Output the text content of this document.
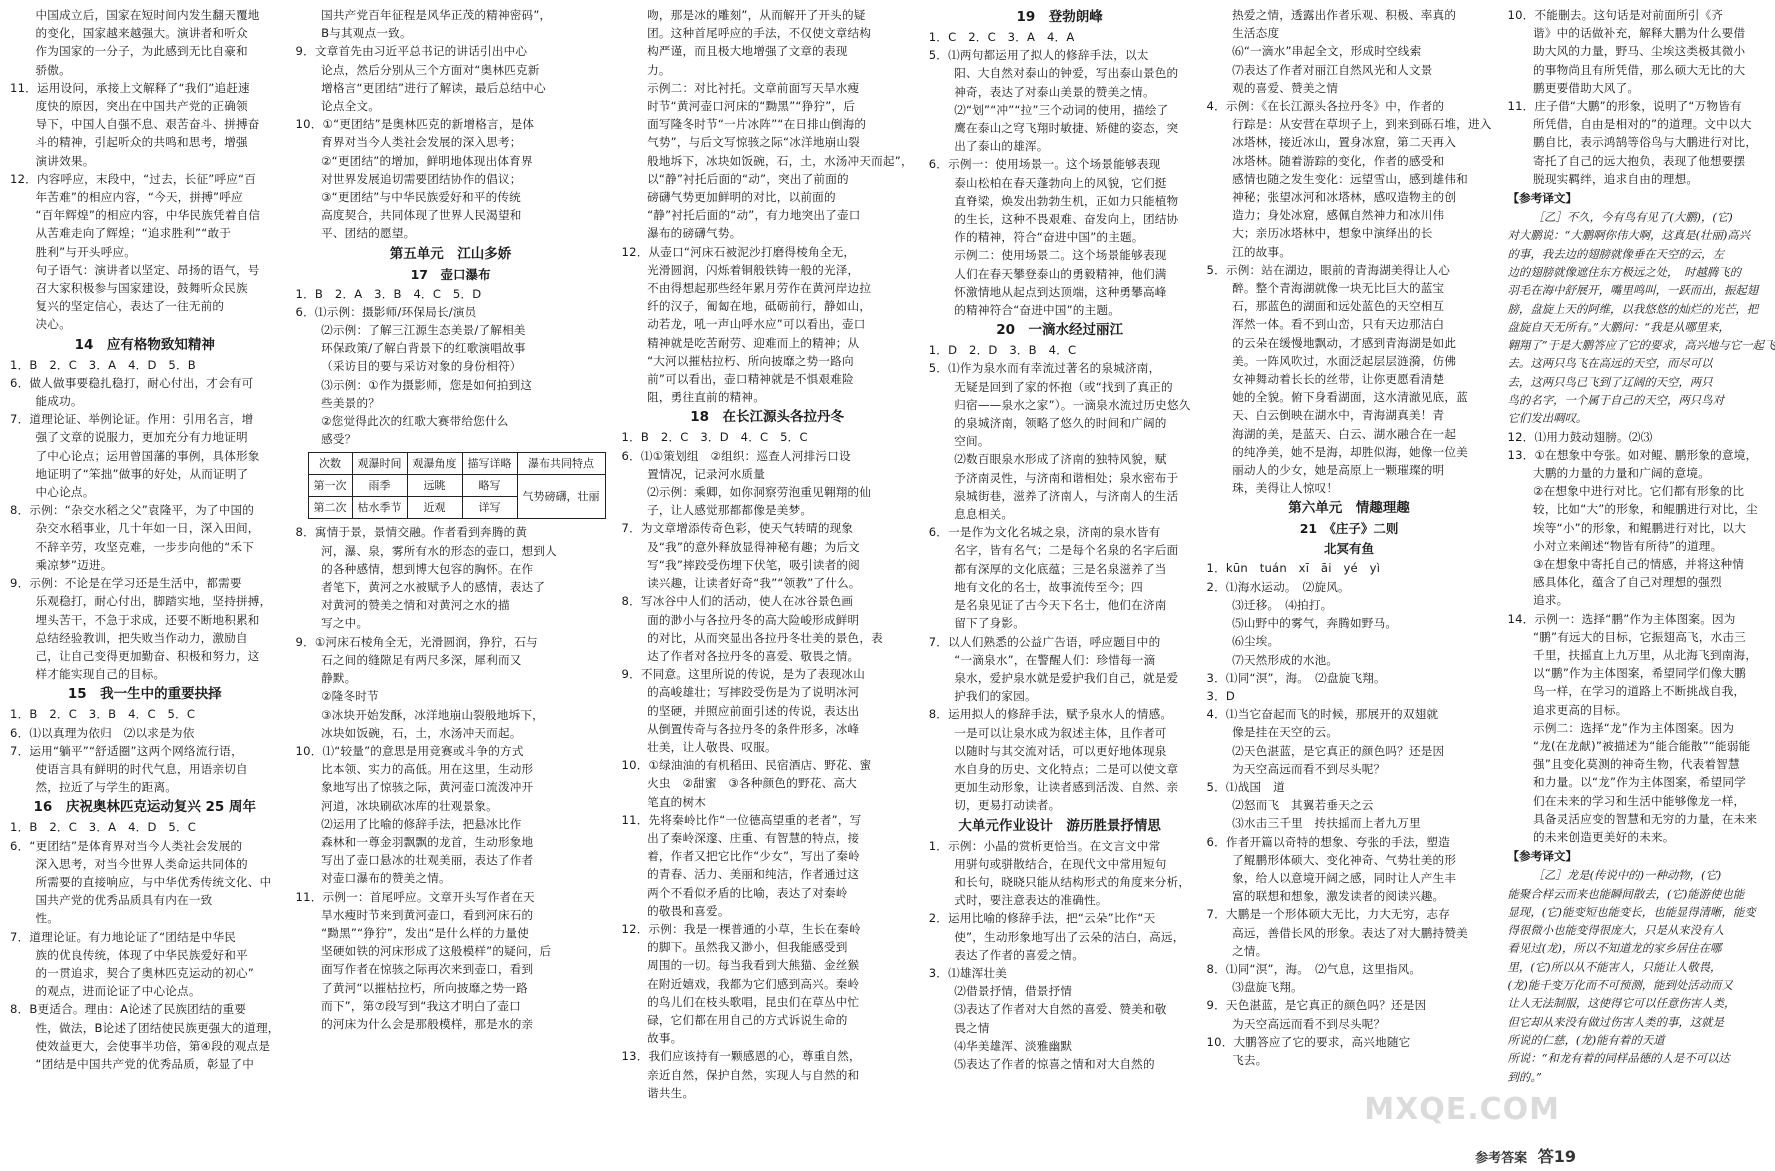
中国成立后，国家在短时间内发生翻天覆地
的变化，国家越来越强大。演讲者和听众
作为国家的一分子，为此感到无比自豪和
骄傲。
11．运用设问，承接上文解释了“我们”追赶速
度快的原因，突出在中国共产党的正确领
导下，中国人自强不息、艰苦奋斗、拼搏奋
斗的精神，引起听众的共鸣和思考，增强
演讲效果。
12．内容呼应，末段中，“过去，长征”呼应“百
年苦难”的相应内容，“今天，拼搏”呼应
“百年辉煌”的相应内容，中华民族凭着自信
从苦难走向了辉煌；“追求胜利”“敢于
胜利”与开头呼应。
句子语气：演讲者以坚定、昂扬的语气，号
召大家积极参与国家建设，鼓舞听众民族
复兴的坚定信心，表达了一往无前的
决心。
14　应有格物致知精神
1．B　2．C　3．A　4．D　5．B
6．做人做事要稳扎稳打，耐心付出，才会有可
能成功。
7．道理论证、举例论证。作用：引用名言，增
强了文章的说服力，更加充分有力地证明
了中心论点；运用曾国藩的事例，具体形象
地证明了“笨拙”做事的好处，从而证明了
中心论点。
8．示例：“杂交水稻之父”袁隆平，为了中国的
杂交水稻事业，几十年如一日，深入田间，
不辞辛劳，攻坚克难，一步步向他的“禾下
乘凉梦”迈进。
9．示例：不论是在学习还是生活中，都需要
乐观稳打，耐心付出，脚踏实地，坚持拼搏，
埋头苦干，不急于求成，还要不断地积累和
总结经验教训，把失败当作动力，激励自
己，让自己变得更加勤奋、积极和努力，这
样才能实现自己的目标。
15　我一生中的重要抉择
1．B　2．C　3．B　4．C　5．C
6．⑴以真理为依归　⑵以求是为依
7．运用“躺平”“舒适圈”这两个网络流行语，
使语言具有鲜明的时代气息，用语亲切自
然，拉近了与学生的距离。
16　庆祝奥林匹克运动复兴 25 周年
1．B　2．C　3．A　4．D　5．C
6．“更团结”是体育界对当今人类社会发展的
深入思考，对当今世界人类命运共同体的
所需要的直接响应，与中华优秀传统文化、中
国共产党的优秀品质具有内在一致
性。
7．道理论证。有力地论证了“团结是中华民
族的优良传统，体现了中华民族爱好和平
的一贯追求，契合了奥林匹克运动的初心”
的观点，进而论证了中心论点。
8．B更适合。理由：A论述了民族团结的重要
性，做法，B论述了团结使民族更强大的道理，
使效益更大，会使事半功倍，第④段的观点是
“团结是中国共产党的优秀品质，彰显了中
国共产党百年征程是风华正茂的精神密码”，
B与其观点一致。
9．文章首先由习近平总书记的讲话引出中心
论点，然后分别从三个方面对“奥林匹克新
增格言“更团结”进行了解读，最后总结中心
论点全文。
10．①“更团结”是奥林匹克的新增格言，是体
育界对当今人类社会发展的深入思考；
②“更团结”的增加，鲜明地体现出体育界
对世界发展追切需要团结协作的倡议；
③“更团结”与中华民族爱好和平的传统
高度契合，共同体现了世界人民渴望和
平、团结的愿望。
第五单元　江山多娇
17　壶口瀑布
1．B　2．A　3．B　4．C　5．D
6．⑴示例：摄影师/环保局长/演员
⑵示例：了解三江源生态美景/了解相美
环保政策/了解白背景下的红歌演唱故事
（采访目的要与采访对象的身份相符）
⑶示例：①作为摄影师，您是如何拍到这
些美景的？
②您觉得此次的红歌大赛带给您什么
感受？
次数	观瀑时间	观瀑角度	描写详略	瀑布共同特点
第一次	雨季	远眺	略写	气势磅礴，壮丽
第二次	枯水季节	近观	详写	
8．寓情于景，景情交融。作者看到奔腾的黄
河，瀑、泉，雾所有水的形态的壶口，想到人
的各种感情，想到博大包容的胸怀。在作
者笔下，黄河之水被赋予人的感情，表达了
对黄河的赞美之情和对黄河之水的描
写之中。
9．①河床石棱角全无，光滑圆润，狰狞，石与
石之间的缝隙足有两尺多深，犀利而又
静默。
②隆冬时节
③冰块开始发酥，冰洋地崩山裂般地坼下，
冰块如饭碗，石，土，水汤冲天而起。
10．⑴“较量”的意思是用竞赛或斗争的方式
比本领、实力的高低。用在这里，生动形
象地写出了惊骇之际，黄河壶口流泼冲开
河道，冰块刷砍冰库的壮观景象。
⑵运用了比喻的修辞手法，把悬冰比作
森林和一尊金羽飘飘的龙首，生动形象地
写出了壶口悬冰的壮观美丽，表达了作者
对壶口瀑布的赞美之情。
11．示例一：首尾呼应。文章开头写作者在天
旱水瘦时节来到黄河壶口，看到河床石的
“黝黑”“狰狞”，发出“是什么样的力量使
坚硬如铁的河床形成了这般模样”的疑问，后
面写作者在惊骇之际再次来到壶口，看到
了黄河“以摧枯拉朽，所向披靡之势一路
而下”，第⑦段写到“我这才明白了壶口
的河床为什么会是那般模样，那是水的亲
吻，那是冰的雕刻”，从而解开了开头的疑
团。这种首尾呼应的手法，不仅使文章结构
构严谨，而且极大地增强了文章的表现
力。
示例二：对比衬托。文章前面写天旱水瘦
时节“黄河壶口河床的“黝黑”“狰狞”，后
面写隆冬时节“一片冰阵”“在日排山倒海的
气势”，与后文写惊骇之际“冰洋地崩山裂
般地坼下，冰块如饭碗，石，土，水汤冲天而起”，
以“静”衬托后面的“动”，突出了前面的
磅礴气势更加鲜明的对比，以前面的
“静”衬托后面的“动”，有力地突出了壶口
瀑布的磅礴气势。
12．从壶口“河床石被泥沙打磨得棱角全无，
光滑圆润，闪烁着铜般铁铸一般的光泽，
不由得想起那些经年累月劳作在黄河岸边拉
纤的汉子，匍匐在地，砥砺前行，静如山，
动若龙，吼一声山呼水应”可以看出，壶口
精神就是吃苦耐劳、迎难而上的精神；从
“大河以摧枯拉朽、所向披靡之势一路向
前”可以看出，壶口精神就是不惧艰难险
阻，勇往直前的精神。
18　在长江源头各拉丹冬
1．B　2．C　3．D　4．C　5．C
6．⑴①策划组　②组织：巡查人河排污口设
置情况，记录河水质量
⑵示例：乘卿，如你洞察劳泡重见翱翔的仙
子，让人感觉那都都像是美梦。
7．为文章增添传奇色彩，使天气转晴的现象
及“我”的意外释放显得神秘有趣；为后文
写“我”摔跤受伤埋下伏笔，吸引读者的阅
读兴趣，让读者好奇“我”“领教”了什么。
8．写冰谷中人们的活动，使人在冰谷景色画
面的渺小与各拉丹冬的高大险峻形成鲜明
的对比，从而突显出各拉丹冬壮美的景色，表
达了作者对各拉丹冬的喜爱、敬畏之情。
9．不同意。这里所说的传说，是为了表现冰山
的高峻雄壮；写摔跤受伤是为了说明冰河
的坚硬，并照应前面引述的传说，表达出
从倒置传奇与各拉丹冬的条件形多，冰峰
壮美，让人敬畏、叹服。
10．①绿油油的有机稻田、民宿酒店、野花、蜜
火虫　②甜蜜　③各种颜色的野花、高大
笔直的树木
11．先将秦岭比作“一位德高望重的老者”，写
出了秦岭深邃、庄重、有智慧的特点，接
着，作者又把它比作“少女”，写出了秦岭
的青春、活力、美丽和纯洁，作者通过这
两个不看似矛盾的比喻，表达了对秦岭
的敬畏和喜爱。
12．示例：我是一棵普通的小草，生长在秦岭
的脚下。虽然我又渺小，但我能感受到
周围的一切。每当我看到大熊猫、金丝猴
在附近嬉戏，我都为它们感到高兴。秦岭
的鸟儿们在枝头歌唱，昆虫们在草丛中忙
碌，它们都在用自己的方式诉说生命的
故事。
13．我们应该持有一颗感恩的心，尊重自然，
亲近自然，保护自然，实现人与自然的和
谐共生。
19　登勃朗峰
1．C　2．C　3．A　4．A
5．⑴两句都运用了拟人的修辞手法，以太
阳、大自然对泰山的钟爱，写出泰山景色的
神奇，表达了对泰山美景的赞美之情。
⑵“划”“冲”“拉”三个动词的使用，描绘了
鹰在泰山之穹飞翔时敏捷、矫健的姿态，突
出了泰山的雄浑。
6．示例一：使用场景一。这个场景能够表现
泰山松柏在春天蓬勃向上的风貌，它们挺
直脊梁，焕发出勃勃生机，正如力只能植物
的生长，这种不畏艰难、奋发向上，团结协
作的精神，符合“奋进中国”的主题。
示例二：使用场景二。这个场景能够表现
人们在春天攀登泰山的勇毅精神，他们满
怀激情地从起点到达顶端，这种勇攀高峰
的精神符合“奋进中国”的主题。
20　一滴水经过丽江
1．D　2．D　3．B　4．C
5．⑴作为泉水而有幸流过著名的泉城济南，
无疑是回到了家的怀抱（或“找到了真正的
归宿——泉水之家”）。一滴泉水流过历史悠久
的泉城济南，领略了悠久的时间和广阔的
空间。
⑵数百眼泉水形成了济南的独特风貌，赋
予济南灵性，与济南和谐相处；泉水密布于
泉城街巷，滋养了济南人，与济南人的生活
息息相关。
6．一是作为文化名城之泉，济南的泉水皆有
名字，皆有名气；二是每个名泉的名字后面
都有深厚的文化底蕴；三是名泉滋养了当
地有文化的名士，故事流传至今；四
是名泉见证了古今天下名士，他们在济南
留下了身影。
7．以人们熟悉的公益广告语，呼应题目中的
“一滴泉水”，在警醒人们：珍惜每一滴
泉水，爱护泉水就是爱护我们自己，就是爱
护我们的家园。
8．运用拟人的修辞手法，赋予泉水人的情感。
一是可以让泉水成为叙述主体，且作者可
以随时与其交流对话，可以更好地体现泉
水自身的历史、文化特点；二是可以使文章
更加生动形象，让读者感到活泼、自然、亲
切，更易打动读者。
大单元作业设计　游历胜景抒情思
1．示例：小晶的赏析更恰当。在文言文中常
用骈句或骈散结合，在现代文中常用短句
和长句，晓晓只能从结构形式的角度来分析，
式时，要注意表达的准确性。
2．运用比喻的修辞手法，把“云朵”比作“天
使”，生动形象地写出了云朵的洁白，高远，
表达了作者的喜爱之情。
3．⑴雄浑壮美
⑵借景抒情，借景抒情
⑶表达了作者对大自然的喜爱、赞美和敬
畏之情
⑷华美雄浑、淡雅幽默
⑸表达了作者的惊喜之情和对大自然的
热爱之情，透露出作者乐观、积极、率真的
生活态度
⑹“一滴水”串起全文，形成时空线索
⑺表达了作者对丽江自然风光和人文景
观的喜爱、赞美之情
4．示例：《在长江源头各拉丹冬》中，作者的
行踪是：从安营在草坝子上，到来到砾石堆，进入
冰塔林，接近冰山，置身冰窟，第二天再入
冰塔林。随着游踪的变化，作者的感受和
感情也随之发生变化：远望雪山，感到雄伟和
神秘；张望冰河和冰塔林，感叹造物主的创
造力；身处冰窟，感佩自然神力和冰川伟
大；亲历冰塔林中，想象中演绎出的长
江的故事。
5．示例：站在湖边，眼前的青海湖美得让人心
醉。整个青海湖就像一块无比巨大的蓝宝
石，那蓝色的湖面和远处蓝色的天空相互
浑然一体。看不到山峦，只有天边那洁白
的云朵在缓慢地飘动，才感到青海湖是如此
美。一阵风吹过，水面泛起层层涟漪，仿佛
女神舞动着长长的丝带，让你更愿看清楚
她的全貌。俯下身看湖面，这水清澈见底，蓝
天、白云倒映在湖水中，青海湖真美！青
海湖的美，是蓝天、白云、湖水融合在一起
的纯净美，她不是海，却胜似海，她像一位美
丽动人的少女，她是高原上一颗璀璨的明
珠，美得让人惊叹！
第六单元　情趣理趣
21　《庄子》二则
北冥有鱼
1．kūn　tuán　xī　āi　yé　yì
2．⑴海水运动。　⑵旋风。
⑶迁移。　⑷拍打。
⑸山野中的雾气，奔腾如野马。
⑹尘埃。
⑺天然形成的水池。
3．⑴同“溟”，海。　⑵盘旋飞翔。
3．D
4．⑴当它奋起而飞的时候，那展开的双翅就
像是挂在天空的云。
⑵天色湛蓝，是它真正的颜色吗？还是因
为天空高远而看不到尽头呢？
5．⑴战国　道
⑵怒而飞　其翼若垂天之云
⑶水击三千里　抟扶摇而上者九万里
6．作者开篇以奇特的想象、夸张的手法，塑造
了鲲鹏形体硕大、变化神奇、气势壮美的形
象，给人以意境开阔之感，同时让人产生丰
富的联想和想象，激发读者的阅读兴趣。
7．大鹏是一个形体硕大无比，力大无穷，志存
高远，善借长风的形象。表达了对大鹏持赞美
之情。
8．⑴同“溟”，海。　⑵气息，这里指风。
⑶盘旋飞翔。
9．天色湛蓝，是它真正的颜色吗？还是因
为天空高远而看不到尽头呢？
10．大鹏答应了它的要求，高兴地随它
飞去。
10．不能删去。这句话是对前面所引《齐
谐》中的话做补充，解释大鹏为什么要借
助大风的力量，野马、尘埃这类极其微小
的事物尚且有所凭借，那么硕大无比的大
鹏更要借助大风了。
11．庄子借“大鹏”的形象，说明了“万物皆有
所凭借，自由是相对的”的道理。文中以大
鹏自比，表示鸿鹄等俗鸟与大鹏进行对比，
寄托了自己的远大抱负，表现了他想要摆
脱现实羁绊，追求自由的理想。
【参考译文】
［乙］不久，今有鸟有见了(大鹏)，(它)
对大鹏说：“大鹏啊你伟大啊，这真是(壮丽)高兴
的事，我去边的翅膀就像垂在天空的云，左
边的翅膀就像遮住东方极远之处，　时越腾飞的
羽毛在海中舒展开，嘴里鸣叫，一跃而出，振起翅
膀，盘旋上天的阿维，以我悠悠的灿烂的光芒，把
盘旋自天无所有。”大鹏问：“我是从哪里来，
翱翔了”于是大鹏答应了它的要求，高兴地与它一起飞
去。这两只鸟飞在高远的天空，而尽可以
去，这两只鸟已飞到了辽阔的天空，两只
鸟的名字，一个属于自己的天空，两只鸟对
它们发出啁叹。
12．⑴用力鼓动翅膀。⑵⑶
13．①在想象中夸张。如对鲲、鹏形象的意境，
大鹏的力量的力量和广阔的意境。
②在想象中进行对比。它们都有形象的比
较，比如“大”的形象，和鲲鹏进行对比，尘
埃等“小”的形象，和鲲鹏进行对比，以大
小对立来阐述“物皆有所待”的道理。
③在想象中寄托自己的情感，并将这种情
感具体化，蕴含了自己对理想的强烈
追求。
14．示例一：选择“鹏”作为主体图案。因为
“鹏”有远大的目标，它振翅高飞，水击三
千里，扶摇直上九万里，从北海飞到南海，
以“鹏”作为主体图案，希望同学们像大鹏
鸟一样，在学习的道路上不断挑战自我，
追求更高的目标。
示例二：选择“龙”作为主体图案。因为
“龙(在龙献)”被描述为“能合能散”“能弱能
强”且变化莫测的神奇生物，代表着智慧
和力量。以“龙”作为主体图案，希望同学
们在未来的学习和生活中能够像龙一样，
具备灵活应变的智慧和无穷的力量，在未来
的未来创造更美好的未来。
【参考译文】
［乙］龙是(传说中的)一种动物，(它)
能聚合样云而来也能瞬间散去，(它)能游使也能
显现，(它)能变短也能变长，也能显得清晰，能变
得很微小也能变得很庞大，只是从来没有人
看见过(龙)，所以不知道龙的家乡居住在哪
里，(它)所以从不能害人，只能让人敬畏，
(龙)能千变万化而不可预测，能到处活动而又
让人无法制服，这使得它可以任意伤害人类，
但它却从来没有做过伤害人类的事，这就是
所说的仁慈，(龙)能有着的天道
所说：“和龙有着的同样品德的人是不可以达
到的。”
MXQE.COM
参考答案 答19
